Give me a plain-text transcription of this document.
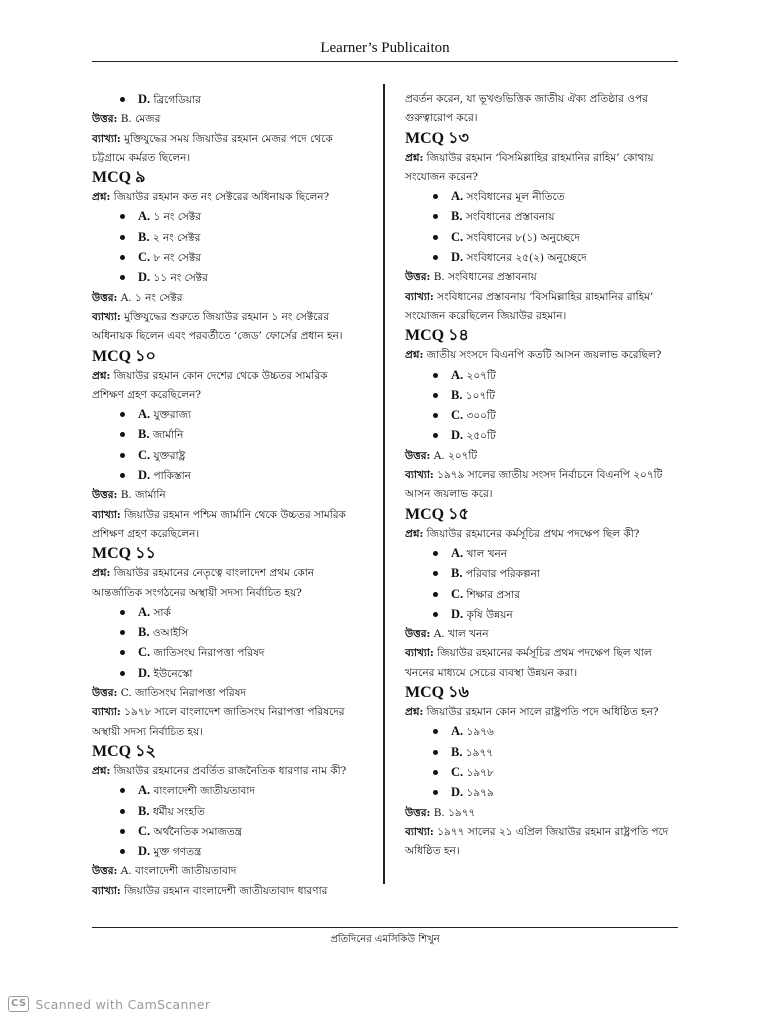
Learner’s Publicaiton
D. ব্রিগেডিয়ার

উত্তর: B. মেজর

ব্যাখ্যা: মুক্তিযুদ্ধের সময় জিয়াউর রহমান মেজর পদে থেকে চট্টগ্রামে কর্মরত ছিলেন।

MCQ ৯

প্রশ্ন: জিয়াউর রহমান কত নং সেক্টরের অধিনায়ক ছিলেন?

A. ১ নং সেক্টর
B. ২ নং সেক্টর
C. ৮ নং সেক্টর
D. ১১ নং সেক্টর

উত্তর: A. ১ নং সেক্টর

ব্যাখ্যা: মুক্তিযুদ্ধের শুরুতে জিয়াউর রহমান ১ নং সেক্টরের অধিনায়ক ছিলেন এবং পরবর্তীতে ‘জেড’ ফোর্সের প্রধান হন।

MCQ ১০

প্রশ্ন: জিয়াউর রহমান কোন দেশের থেকে উচ্চতর সামরিক প্রশিক্ষণ গ্রহণ করেছিলেন?

A. যুক্তরাজ্য
B. জার্মানি
C. যুক্তরাষ্ট্র
D. পাকিস্তান

উত্তর: B. জার্মানি

ব্যাখ্যা: জিয়াউর রহমান পশ্চিম জার্মানি থেকে উচ্চতর সামরিক প্রশিক্ষণ গ্রহণ করেছিলেন।

MCQ ১১

প্রশ্ন: জিয়াউর রহমানের নেতৃত্বে বাংলাদেশ প্রথম কোন আন্তর্জাতিক সংগঠনের অস্থায়ী সদস্য নির্বাচিত হয়?

A. সার্ক
B. ওআইসি
C. জাতিসংঘ নিরাপত্তা পরিষদ
D. ইউনেস্কো

উত্তর: C. জাতিসংঘ নিরাপত্তা পরিষদ

ব্যাখ্যা: ১৯৭৮ সালে বাংলাদেশ জাতিসংঘ নিরাপত্তা পরিষদের অস্থায়ী সদস্য নির্বাচিত হয়।

MCQ ১২

প্রশ্ন: জিয়াউর রহমানের প্রবর্তিত রাজনৈতিক ধারণার নাম কী?

A. বাংলাদেশী জাতীয়তাবাদ
B. ধর্মীয় সংহতি
C. অর্থনৈতিক সমাজতন্ত্র
D. মুক্ত গণতন্ত্র

উত্তর: A. বাংলাদেশী জাতীয়তাবাদ

ব্যাখ্যা: জিয়াউর রহমান বাংলাদেশী জাতীয়তাবাদ ধারণার

প্রবর্তন করেন, যা ভূখণ্ডভিত্তিক জাতীয় ঐক্য প্রতিষ্ঠার ওপর গুরুত্বারোপ করে।

MCQ ১৩

প্রশ্ন: জিয়াউর রহমান ‘বিসমিল্লাহির রাহমানির রাহিম’ কোথায় সংযোজন করেন?

A. সংবিধানের মূল নীতিতে
B. সংবিধানের প্রস্তাবনায়
C. সংবিধানের ৮(১) অনুচ্ছেদে
D. সংবিধানের ২৫(২) অনুচ্ছেদে

উত্তর: B. সংবিধানের প্রস্তাবনায়

ব্যাখ্যা: সংবিধানের প্রস্তাবনায় ‘বিসমিল্লাহির রাহমানির রাহিম’ সংযোজন করেছিলেন জিয়াউর রহমান।

MCQ ১৪

প্রশ্ন: জাতীয় সংসদে বিএনপি কতটি আসন জয়লাভ করেছিল?

A. ২০৭টি
B. ১০৭টি
C. ৩০০টি
D. ২৫০টি

উত্তর: A. ২০৭টি

ব্যাখ্যা: ১৯৭৯ সালের জাতীয় সংসদ নির্বাচনে বিএনপি ২০৭টি আসন জয়লাভ করে।

MCQ ১৫

প্রশ্ন: জিয়াউর রহমানের কর্মসূচির প্রথম পদক্ষেপ ছিল কী?

A. খাল খনন
B. পরিবার পরিকল্পনা
C. শিক্ষার প্রসার
D. কৃষি উন্নয়ন

উত্তর: A. খাল খনন

ব্যাখ্যা: জিয়াউর রহমানের কর্মসূচির প্রথম পদক্ষেপ ছিল খাল খননের মাধ্যমে সেচের ব্যবস্থা উন্নয়ন করা।

MCQ ১৬

প্রশ্ন: জিয়াউর রহমান কোন সালে রাষ্ট্রপতি পদে অধিষ্ঠিত হন?

A. ১৯৭৬
B. ১৯৭৭
C. ১৯৭৮
D. ১৯৭৯

উত্তর: B. ১৯৭৭

ব্যাখ্যা: ১৯৭৭ সালের ২১ এপ্রিল জিয়াউর রহমান রাষ্ট্রপতি পদে অধিষ্ঠিত হন।

প্রতিদিনের এমসিকিউ শিখুন
CS Scanned with CamScanner
